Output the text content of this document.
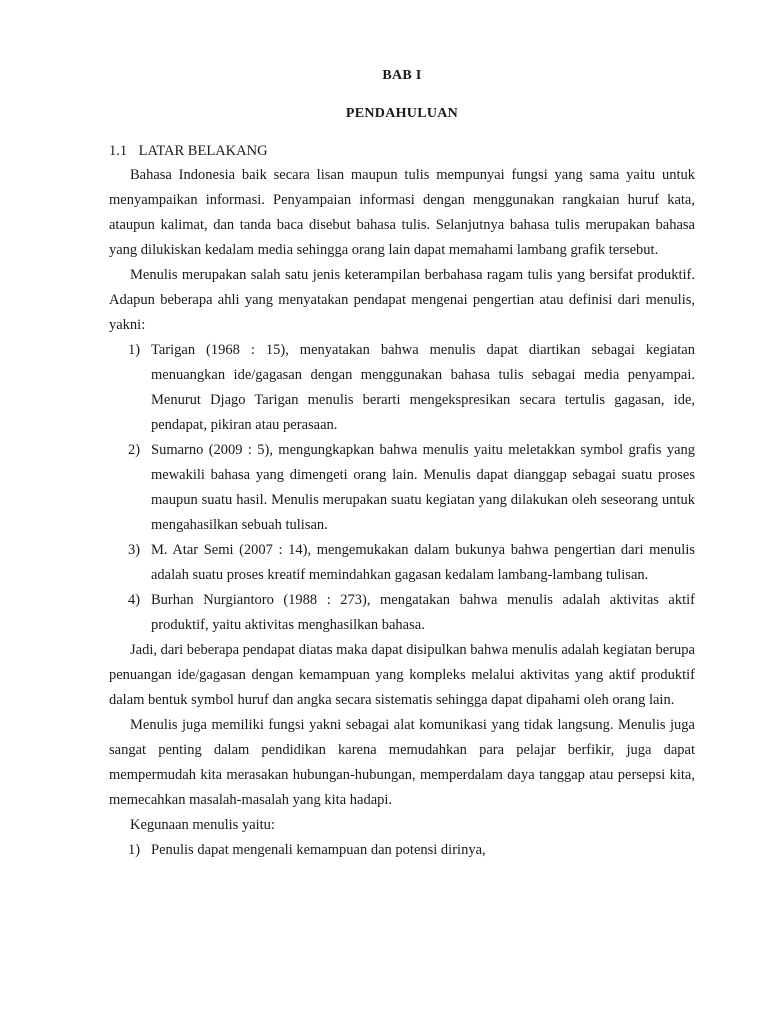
BAB I
PENDAHULUAN
1.1 LATAR BELAKANG

Bahasa Indonesia baik secara lisan maupun tulis mempunyai fungsi yang sama yaitu untuk menyampaikan informasi. Penyampaian informasi dengan menggunakan rangkaian huruf kata, ataupun kalimat, dan tanda baca disebut bahasa tulis. Selanjutnya bahasa tulis merupakan bahasa yang dilukiskan kedalam media sehingga orang lain dapat memahami lambang grafik tersebut.

Menulis merupakan salah satu jenis keterampilan berbahasa ragam tulis yang bersifat produktif. Adapun beberapa ahli yang menyatakan pendapat mengenai pengertian atau definisi dari menulis, yakni:

1) Tarigan (1968 : 15), menyatakan bahwa menulis dapat diartikan sebagai kegiatan menuangkan ide/gagasan dengan menggunakan bahasa tulis sebagai media penyampai. Menurut Djago Tarigan menulis berarti mengekspresikan secara tertulis gagasan, ide, pendapat, pikiran atau perasaan.
2) Sumarno (2009 : 5), mengungkapkan bahwa menulis yaitu meletakkan symbol grafis yang mewakili bahasa yang dimengeti orang lain. Menulis dapat dianggap sebagai suatu proses maupun suatu hasil. Menulis merupakan suatu kegiatan yang dilakukan oleh seseorang untuk mengahasilkan sebuah tulisan.
3) M. Atar Semi (2007 : 14), mengemukakan dalam bukunya bahwa pengertian dari menulis adalah suatu proses kreatif memindahkan gagasan kedalam lambang-lambang tulisan.
4) Burhan Nurgiantoro (1988 : 273), mengatakan bahwa menulis adalah aktivitas aktif produktif, yaitu aktivitas menghasilkan bahasa.

Jadi, dari beberapa pendapat diatas maka dapat disipulkan bahwa menulis adalah kegiatan berupa penuangan ide/gagasan dengan kemampuan yang kompleks melalui aktivitas yang aktif produktif dalam bentuk symbol huruf dan angka secara sistematis sehingga dapat dipahami oleh orang lain.

Menulis juga memiliki fungsi yakni sebagai alat komunikasi yang tidak langsung. Menulis juga sangat penting dalam pendidikan karena memudahkan para pelajar berfikir, juga dapat mempermudah kita merasakan hubungan-hubungan, memperdalam daya tanggap atau persepsi kita, memecahkan masalah-masalah yang kita hadapi.

Kegunaan menulis yaitu:

1) Penulis dapat mengenali kemampuan dan potensi dirinya,
